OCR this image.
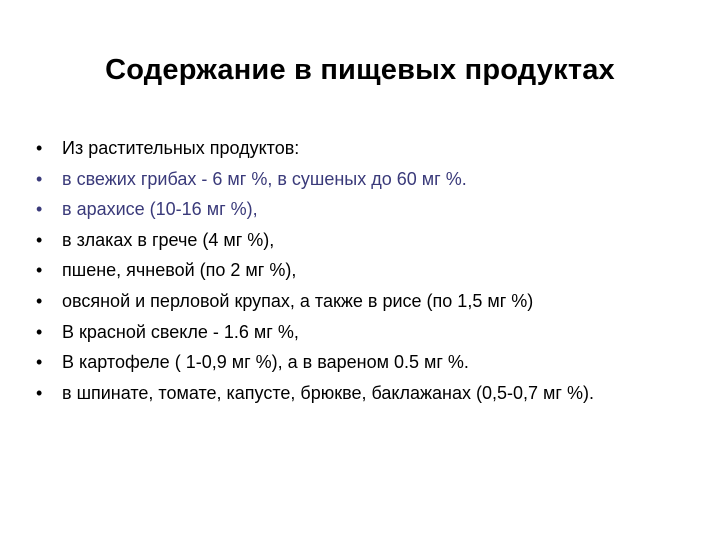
Содержание в пищевых продуктах
• Из растительных продуктов:
• в свежих грибах - 6 мг %, в сушеных до 60 мг %.
• в арахисе (10-16 мг %),
• в злаках в грече (4 мг %),
• пшене, ячневой (по 2 мг %),
• овсяной и перловой крупах, а также в рисе (по 1,5 мг %)
• В красной свекле - 1.6 мг %,
• В картофеле ( 1-0,9 мг %), а в вареном 0.5 мг %.
• в шпинате, томате, капусте, брюкве, баклажанах (0,5-0,7 мг %).
